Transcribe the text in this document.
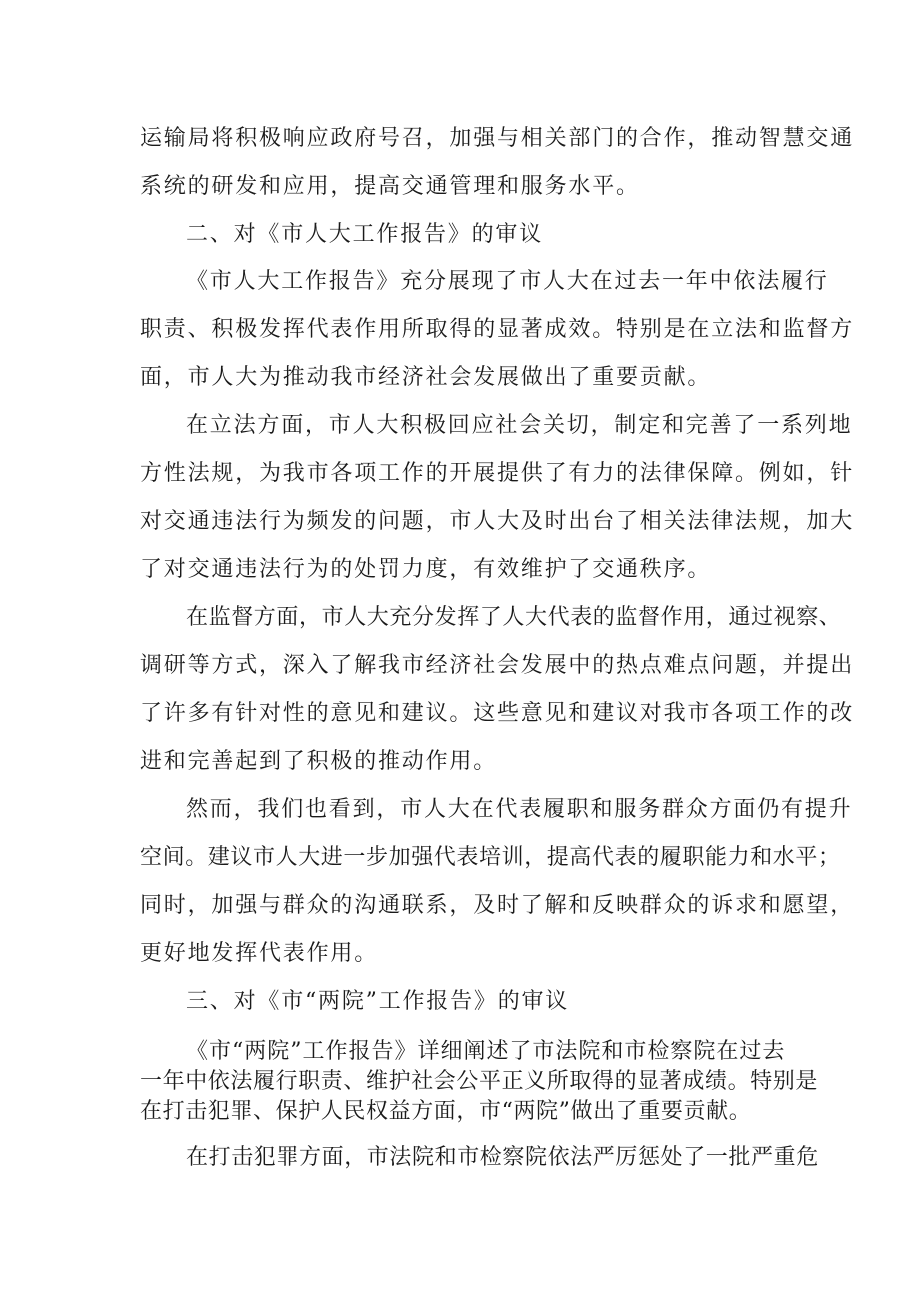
运输局将积极响应政府号召，加强与相关部门的合作，推动智慧交通
系统的研发和应用，提高交通管理和服务水平。
二、对《市人大工作报告》的审议
《市人大工作报告》充分展现了市人大在过去一年中依法履行
职责、积极发挥代表作用所取得的显著成效。特别是在立法和监督方
面，市人大为推动我市经济社会发展做出了重要贡献。
在立法方面，市人大积极回应社会关切，制定和完善了一系列地
方性法规，为我市各项工作的开展提供了有力的法律保障。例如，针
对交通违法行为频发的问题，市人大及时出台了相关法律法规，加大
了对交通违法行为的处罚力度，有效维护了交通秩序。
在监督方面，市人大充分发挥了人大代表的监督作用，通过视察、
调研等方式，深入了解我市经济社会发展中的热点难点问题，并提出
了许多有针对性的意见和建议。这些意见和建议对我市各项工作的改
进和完善起到了积极的推动作用。
然而，我们也看到，市人大在代表履职和服务群众方面仍有提升
空间。建议市人大进一步加强代表培训，提高代表的履职能力和水平；
同时，加强与群众的沟通联系，及时了解和反映群众的诉求和愿望，
更好地发挥代表作用。
三、对《市“两院”工作报告》的审议
《市“两院”工作报告》详细阐述了市法院和市检察院在过去
一年中依法履行职责、维护社会公平正义所取得的显著成绩。特别是
在打击犯罪、保护人民权益方面，市“两院”做出了重要贡献。
在打击犯罪方面，市法院和市检察院依法严厉惩处了一批严重危
